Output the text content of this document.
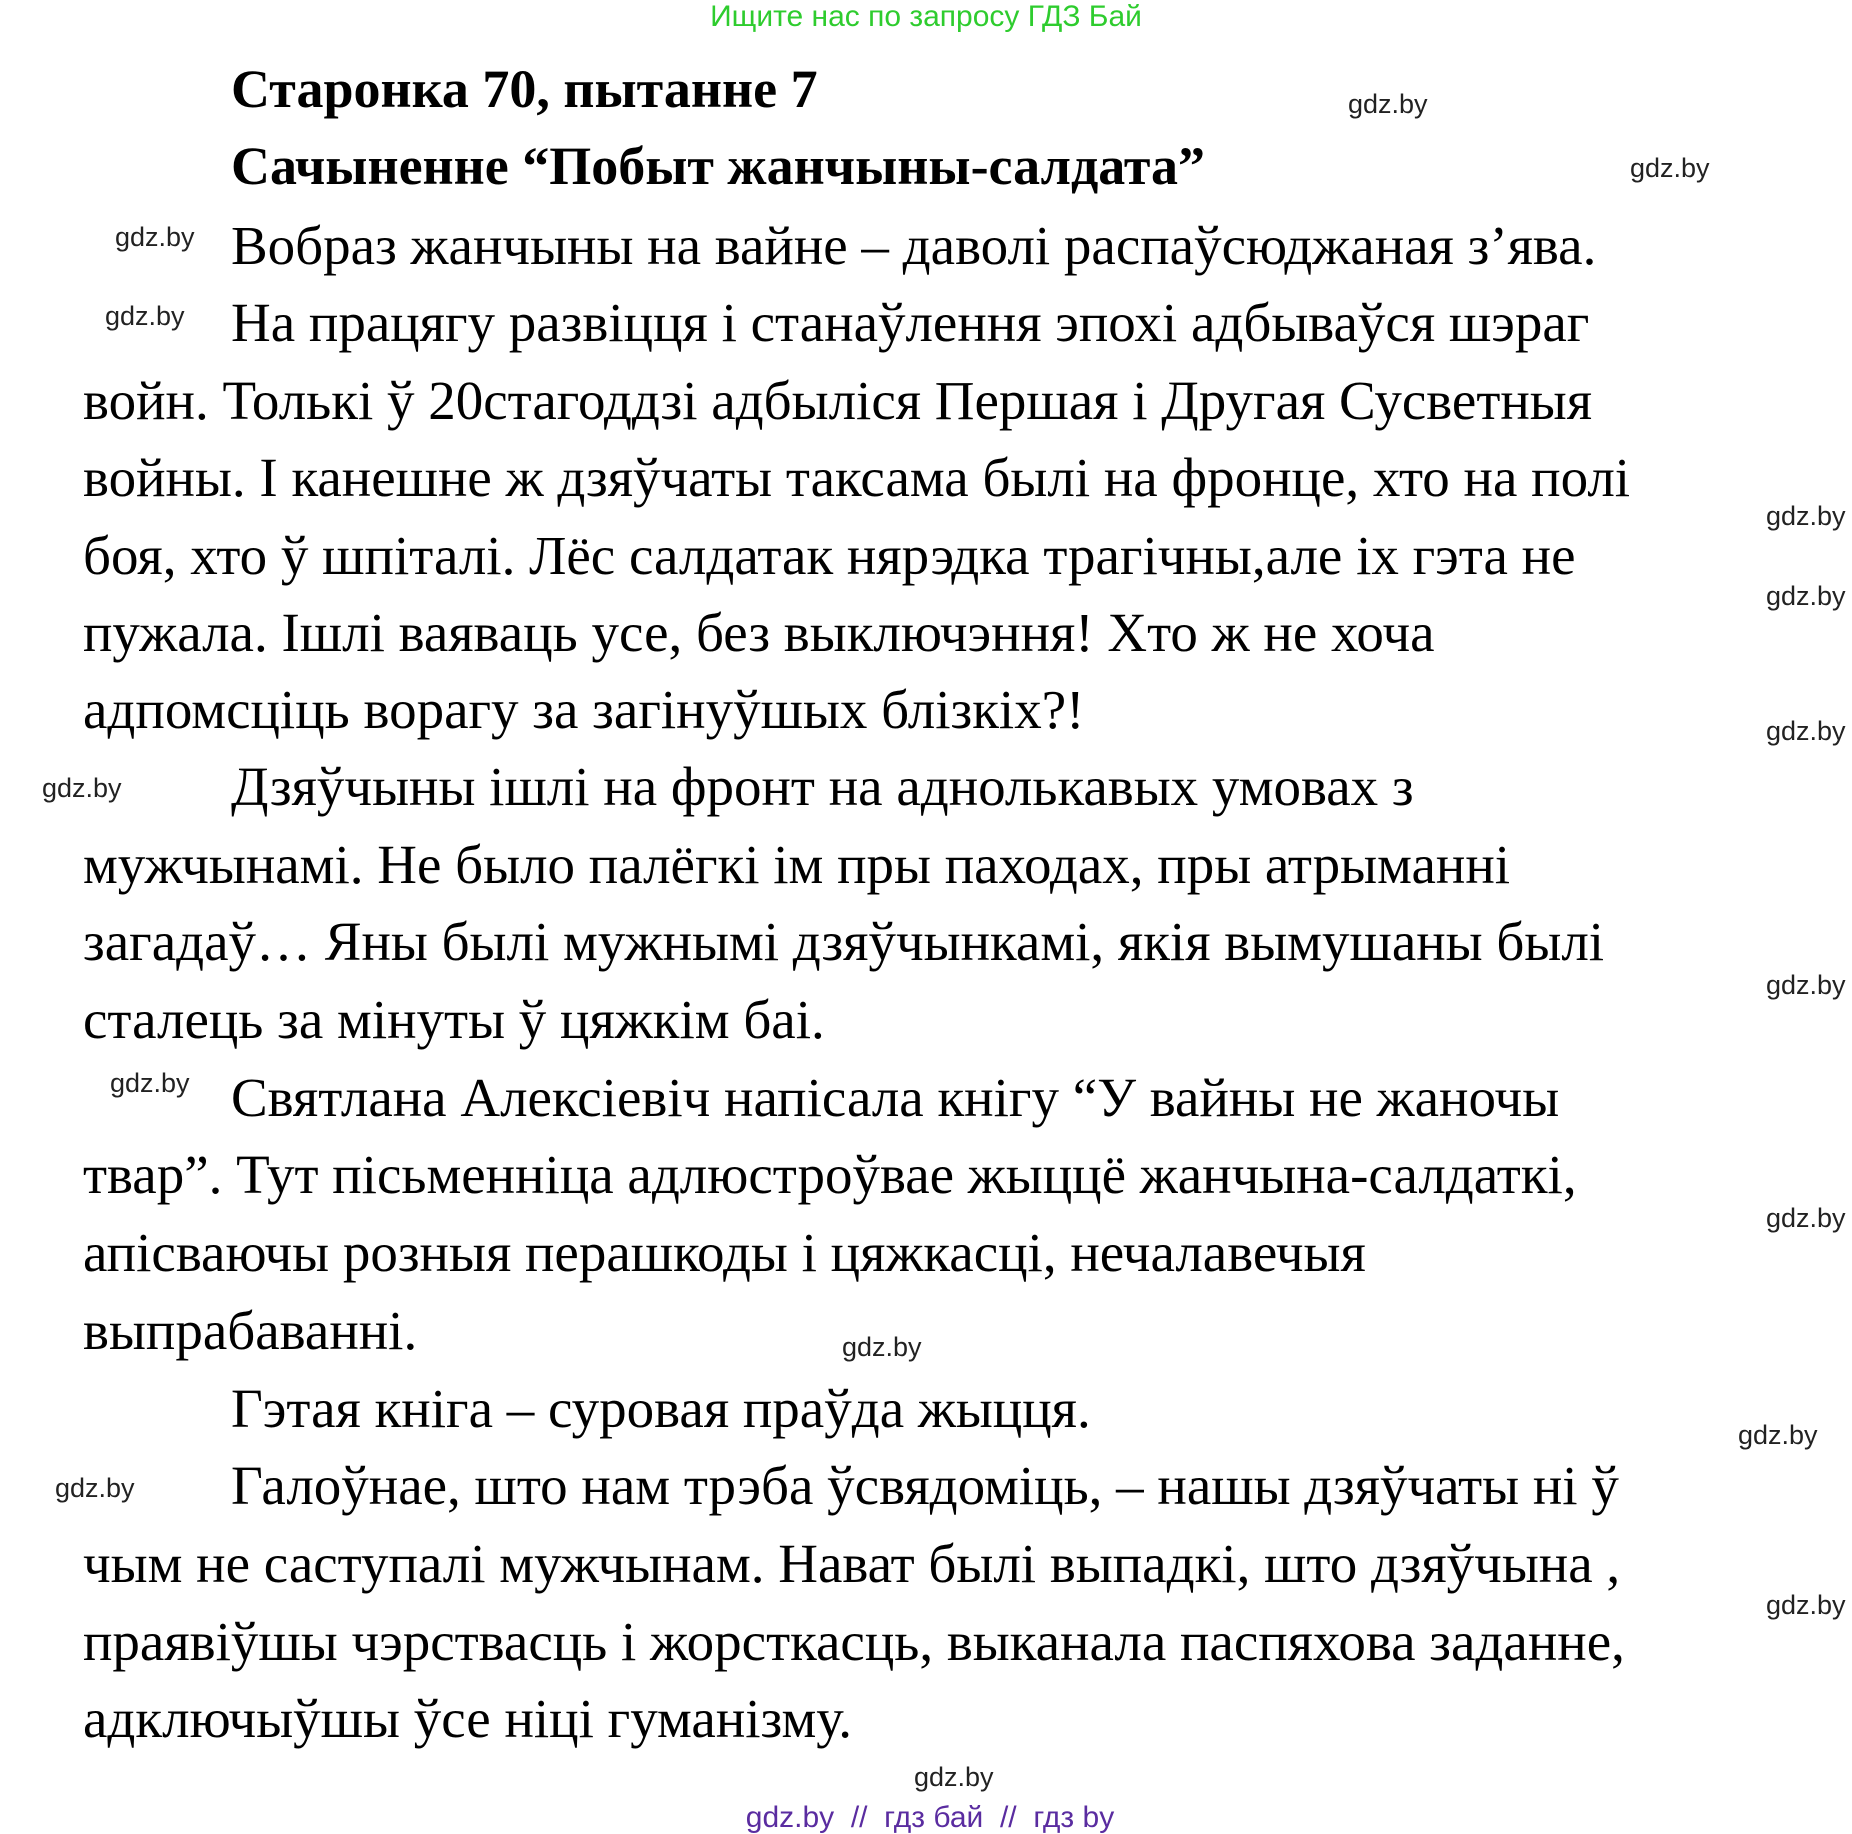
Ищите нас по запросу ГДЗ Бай
Старонка 70, пытанне 7
Сачыненне “Побыт жанчыны-салдата”
Вобраз жанчыны на вайне – даволі распаўсюджаная з’ява.
На працягу развіцця і станаўлення эпохі адбываўся шэраг
войн. Толькі ў 20стагоддзі адбыліся Першая і Другая Сусветныя
войны. І канешне ж дзяўчаты таксама былі на фронце, хто на полі
боя, хто ў шпіталі. Лёс салдатак нярэдка трагічны,але іх гэта не
пужала. Ішлі ваяваць усе, без выключэння! Хто ж не хоча
адпомсціць ворагу за загінуўшых блізкіх?!
Дзяўчыны ішлі на фронт на аднолькавых умовах з
мужчынамі. Не было палёгкі ім пры паходах, пры атрыманні
загадаў… Яны былі мужнымі дзяўчынкамі, якія вымушаны былі
сталець за мінуты ў цяжкім баі.
Святлана Алексіевіч напісала кнігу “У вайны не жаночы
твар”. Тут пісьменніца адлюстроўвае жыццё жанчына-салдаткі,
апісваючы розныя перашкоды і цяжкасці, нечалавечыя
выпрабаванні.
Гэтая кніга – суровая праўда жыцця.
Галоўнае, што нам трэба ўсвядоміць, – нашы дзяўчаты ні ў
чым не саступалі мужчынам. Нават былі выпадкі, што дзяўчына ,
праявіўшы чэрствасць і жорсткасць, выканала паспяхова заданне,
адключыўшы ўсе ніці гуманізму.
gdz.by
gdz.by
gdz.by
gdz.by
gdz.by
gdz.by
gdz.by
gdz.by
gdz.by
gdz.by
gdz.by
gdz.by
gdz.by
gdz.by
gdz.by
gdz.by
gdz.by  //  гдз бай  //  гдз by
